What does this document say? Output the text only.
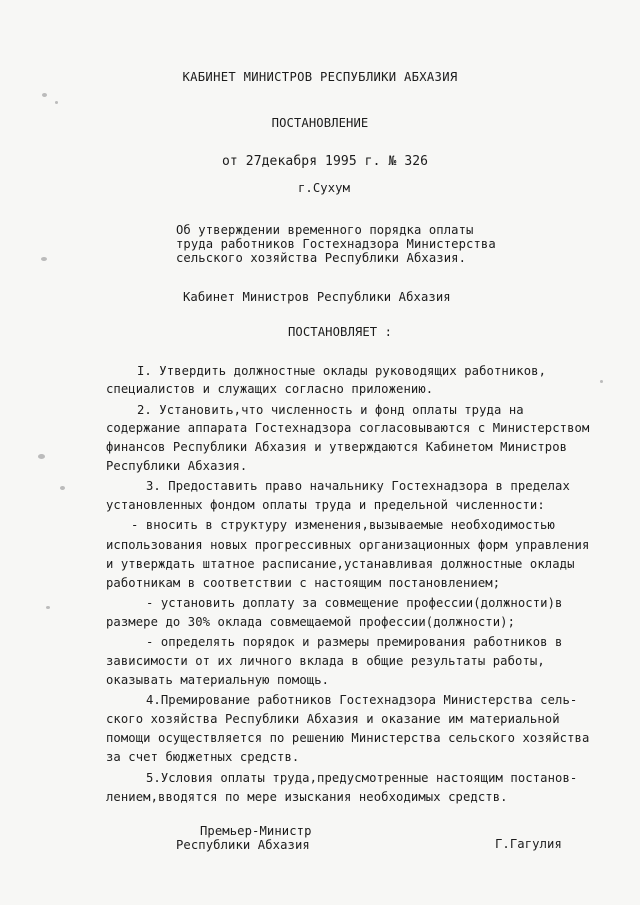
КАБИНЕТ МИНИСТРОВ РЕСПУБЛИКИ АБХАЗИЯ
ПОСТАНОВЛЕНИЕ
от 27декабря 1995 г. № 326
г.Сухум
Об утверждении временного порядка оплаты
труда работников Гостехнадзора Министерства
сельского хозяйства Республики Абхазия.
Кабинет Министров Республики Абхазия
ПОСТАНОВЛЯЕТ :
I. Утвердить должностные оклады руководящих работников,
специалистов и служащих согласно приложению.
2. Установить,что численность и фонд оплаты труда на
содержание аппарата Гостехнадзора согласовываются с Министерством
финансов Республики Абхазия и утверждаются Кабинетом Министров
Республики Абхазия.
3. Предоставить право начальнику Гостехнадзора в пределах
установленных фондом оплаты труда и предельной численности:
- вносить в структуру изменения,вызываемые необходимостью
использования новых прогрессивных организационных форм управления
и утверждать штатное расписание,устанавливая должностные оклады
работникам в соответствии с настоящим постановлением;
- установить доплату за совмещение профессии(должности)в
размере до 30% оклада совмещаемой профессии(должности);
- определять порядок и размеры премирования работников в
зависимости от их личного вклада в общие результаты работы,
оказывать материальную помощь.
4.Премирование работников Гостехнадзора Министерства сель-
ского хозяйства Республики Абхазия и оказание им материальной
помощи осуществляется по решению Министерства сельского хозяйства
за счет бюджетных средств.
5.Условия оплаты труда,предусмотренные настоящим постанов-
лением,вводятся по мере изыскания необходимых средств.
Премьер-Министр
Республики Абхазия	Г.Гагулия
